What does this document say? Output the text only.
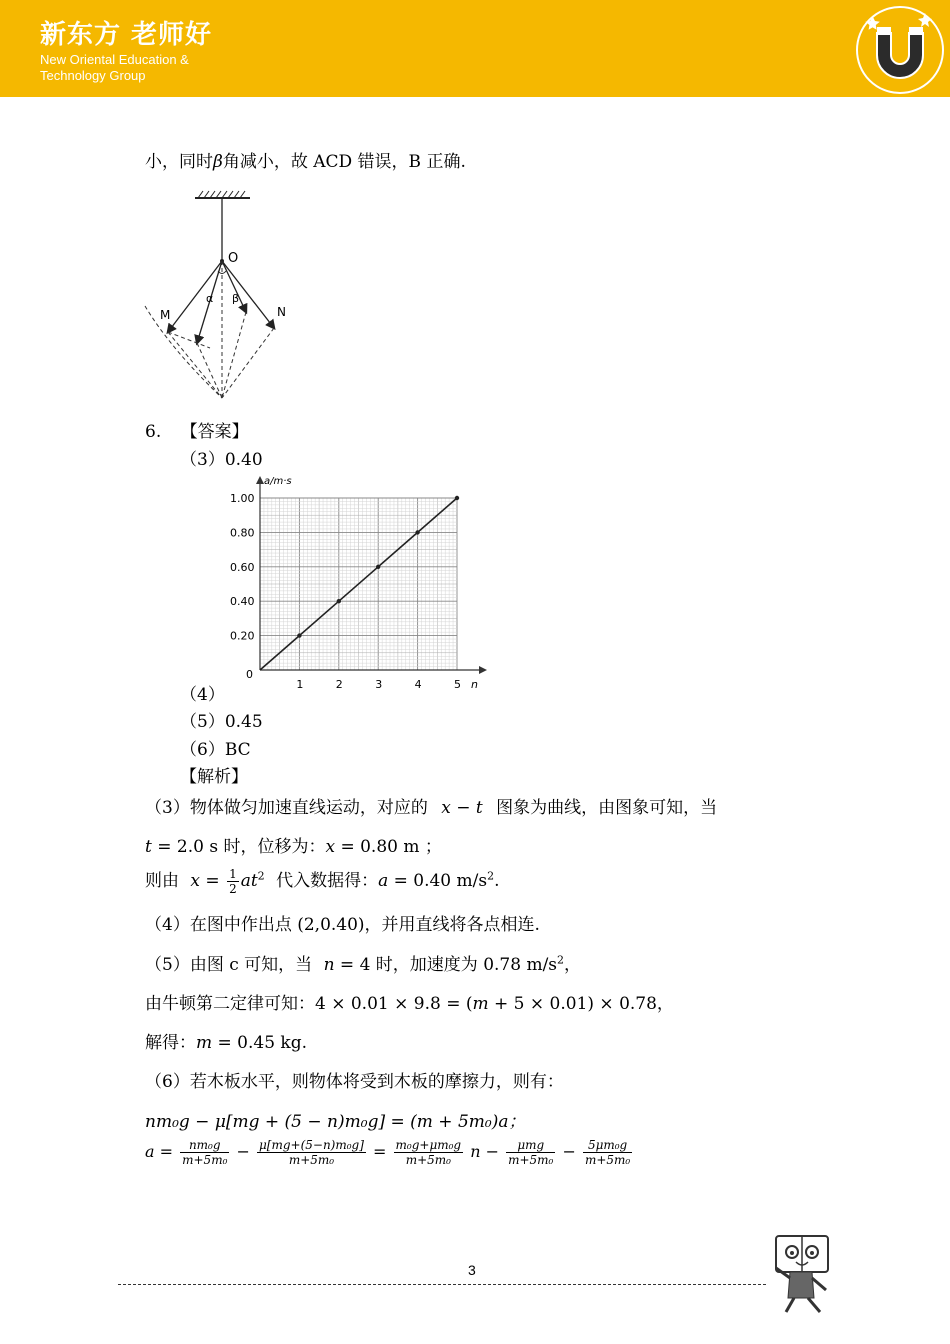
新东方 老师好
New Oriental Education &
Technology Group
小，同时β角减小，故 ACD 错误，B 正确.
O
M	N
α β
6. 【答案】
（3）0.40
n
a/m·s
0
1	2	3	4	5
0.20
0.40
0.60
0.80
1.00
（4）
（5）0.45
（6）BC
【解析】
（3）物体做匀加速直线运动，对应的 x − t 图象为曲线，由图象可知，当
t = 2.0 s 时，位移为：x = 0.80 m ；
则由 $x = \frac{1}{2} at^2$ 代入数据得：a = 0.40 $m/s^2$.
（4）在图中作出点 (2,0.40)，并用直线将各点相连.
（5）由图 c 可知，当 n = 4 时，加速度为 0.78 $m/s^2$，
由牛顿第二定律可知：4 × 0.01 × 9.8 = (m + 5 × 0.01) × 0.78，
解得：m = 0.45 kg.
（6）若木板水平，则物体将受到木板的摩擦力，则有：
nm₀g − μ[mg + (5 − n)m₀g] = (m + 5m₀)a；
$a = \frac{\text{nm₀g}}{\text{m+5m₀}} - \frac{\text{μ[mg+(5−n)m₀g]}}{\text{m+5m₀}} = \frac{\text{m₀g+μm₀g}}{\text{m+5m₀}}$ $n - \frac{\text{μmg}}{\text{m+5m₀}} - \frac{\text{5μm₀g}}{\text{m+5m₀}}$
3
